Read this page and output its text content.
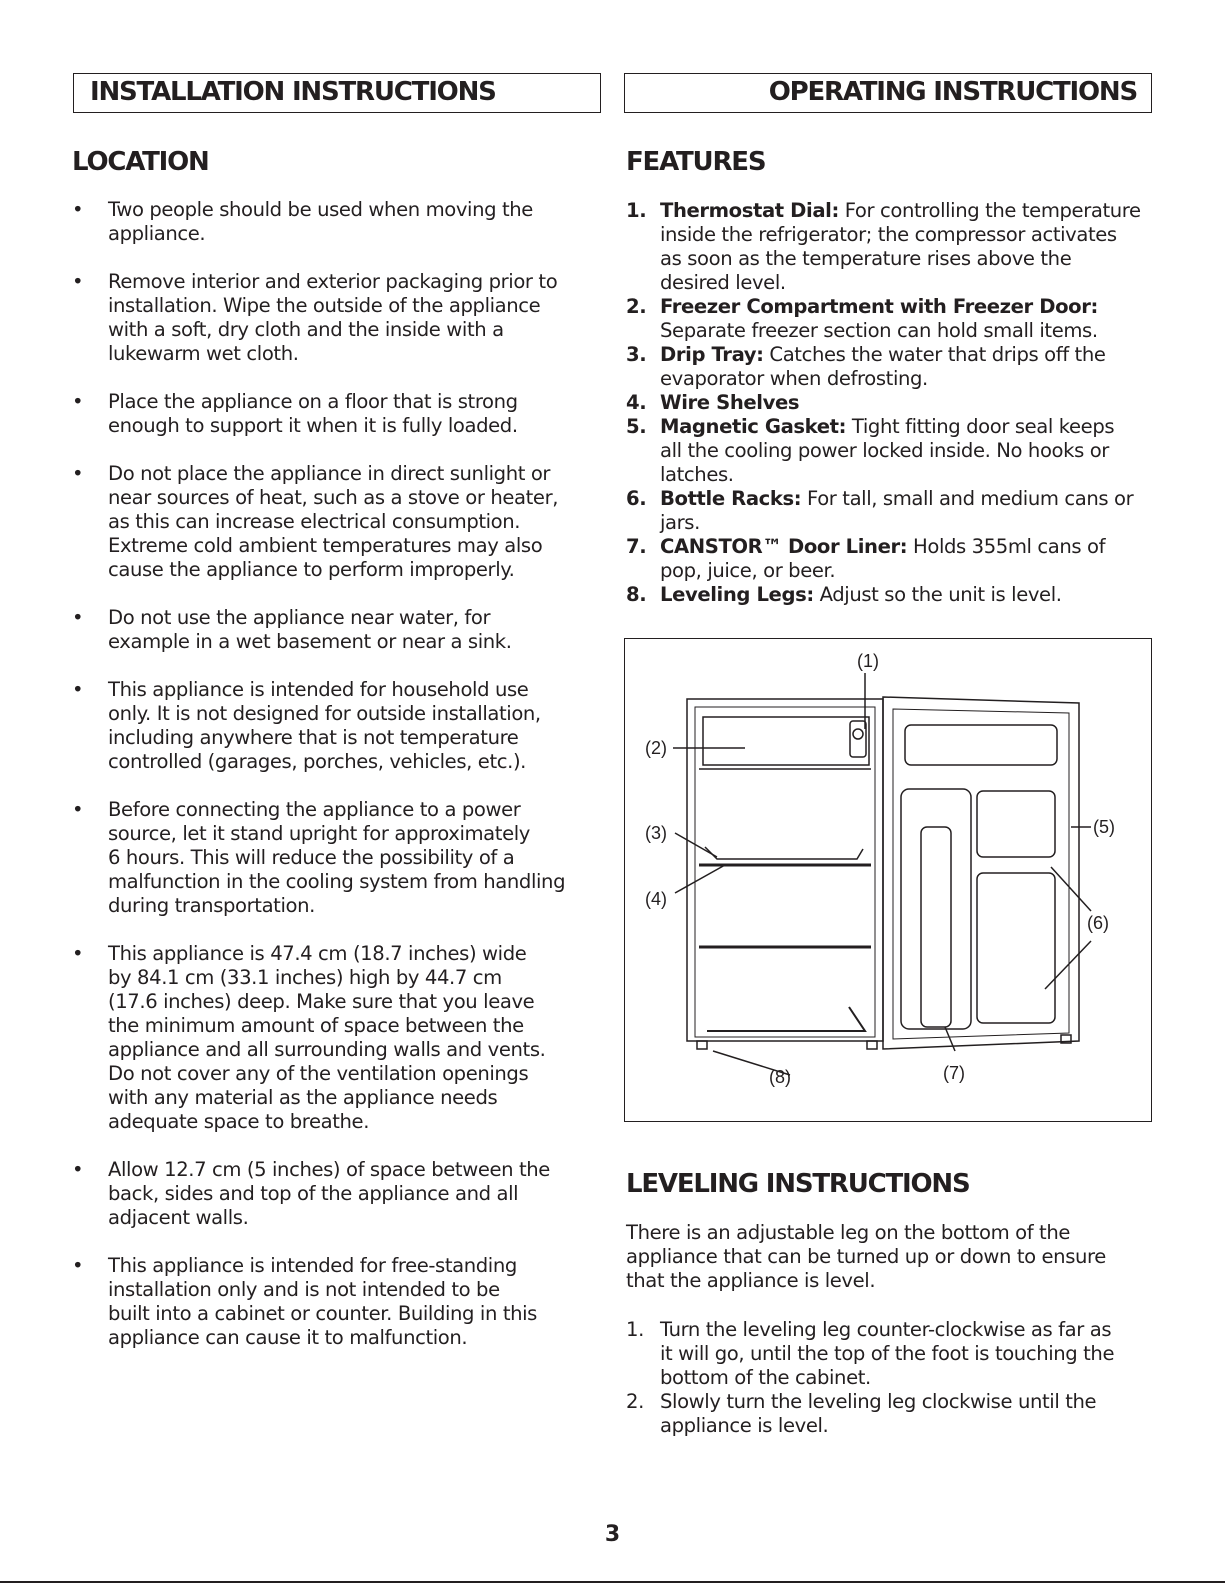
INSTALLATION INSTRUCTIONS	OPERATING INSTRUCTIONS
LOCATION
• Two people should be used when moving the
appliance.
• Remove interior and exterior packaging prior to
installation. Wipe the outside of the appliance
with a soft, dry cloth and the inside with a
lukewarm wet cloth.
• Place the appliance on a floor that is strong
enough to support it when it is fully loaded.
• Do not place the appliance in direct sunlight or
near sources of heat, such as a stove or heater,
as this can increase electrical consumption.
Extreme cold ambient temperatures may also
cause the appliance to perform improperly.
• Do not use the appliance near water, for
example in a wet basement or near a sink.
• This appliance is intended for household use
only. It is not designed for outside installation,
including anywhere that is not temperature
controlled (garages, porches, vehicles, etc.).
• Before connecting the appliance to a power
source, let it stand upright for approximately
6 hours. This will reduce the possibility of a
malfunction in the cooling system from handling
during transportation.
• This appliance is 47.4 cm (18.7 inches) wide
by 84.1 cm (33.1 inches) high by 44.7 cm
(17.6 inches) deep. Make sure that you leave
the minimum amount of space between the
appliance and all surrounding walls and vents.
Do not cover any of the ventilation openings
with any material as the appliance needs
adequate space to breathe.
• Allow 12.7 cm (5 inches) of space between the
back, sides and top of the appliance and all
adjacent walls.
• This appliance is intended for free-standing
installation only and is not intended to be
built into a cabinet or counter. Building in this
appliance can cause it to malfunction.
FEATURES
1. Thermostat Dial: For controlling the temperature
inside the refrigerator; the compressor activates
as soon as the temperature rises above the
desired level.
2. Freezer Compartment with Freezer Door:
Separate freezer section can hold small items.
3. Drip Tray: Catches the water that drips off the
evaporator when defrosting.
4. Wire Shelves
5. Magnetic Gasket: Tight fitting door seal keeps
all the cooling power locked inside. No hooks or
latches.
6. Bottle Racks: For tall, small and medium cans or
jars.
7. CANSTOR™ Door Liner: Holds 355ml cans of
pop, juice, or beer.
8. Leveling Legs: Adjust so the unit is level.
(1)
(2)
(3)
(4)
(5)
(6)
(7)
(8)
LEVELING INSTRUCTIONS

There is an adjustable leg on the bottom of the
appliance that can be turned up or down to ensure
that the appliance is level.

1. Turn the leveling leg counter-clockwise as far as
it will go, until the top of the foot is touching the
bottom of the cabinet.
2. Slowly turn the leveling leg clockwise until the
appliance is level.
3
